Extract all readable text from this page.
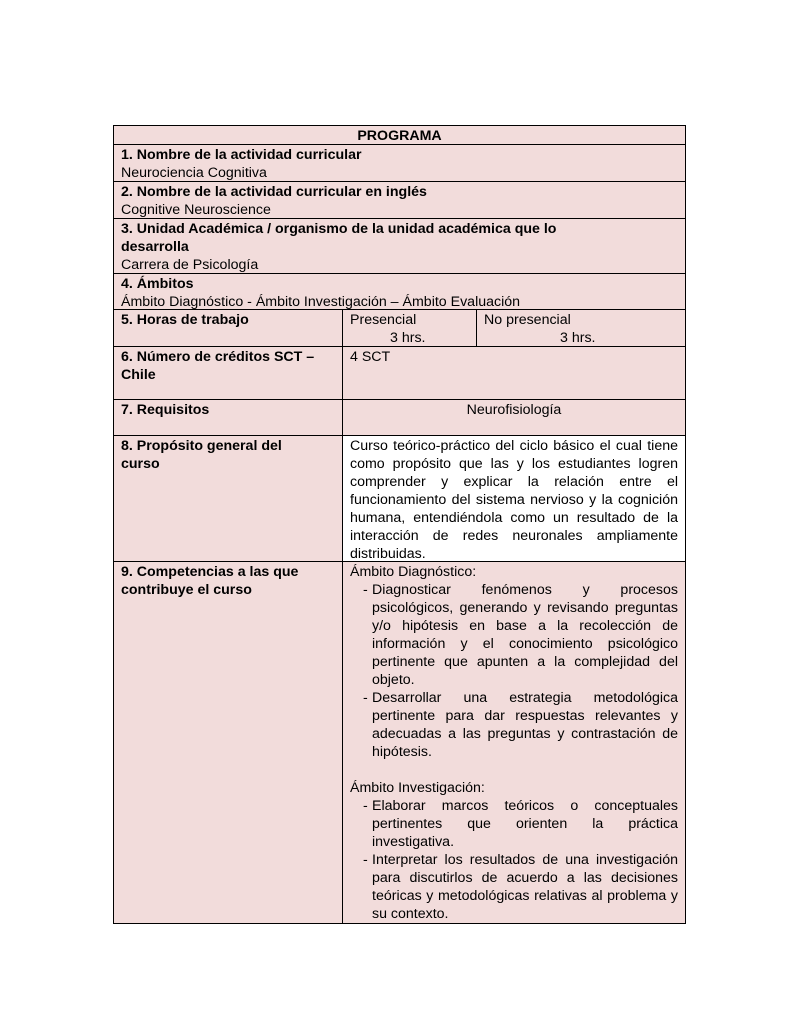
PROGRAMA
1. Nombre de la actividad curricular
Neurociencia Cognitiva
2. Nombre de la actividad curricular en inglés
Cognitive Neuroscience
3. Unidad Académica / organismo de la unidad académica que lo
desarrolla
Carrera de Psicología
4. Ámbitos
Ámbito Diagnóstico - Ámbito Investigación – Ámbito Evaluación
5. Horas de trabajo	Presencial
3 hrs.
No presencial
3 hrs.
6. Número de créditos SCT –
Chile
4 SCT
7. Requisitos	Neurofisiología
8. Propósito general del
curso
Curso teórico-práctico del ciclo básico el cual tiene como propósito que las y los estudiantes logren comprender y explicar la relación entre el funcionamiento del sistema nervioso y la cognición humana, entendiéndola como un resultado de la interacción de redes neuronales ampliamente distribuidas.
9. Competencias a las que
contribuye el curso
Ámbito Diagnóstico:
- Diagnosticar fenómenos y procesos psicológicos, generando y revisando preguntas y/o hipótesis en base a la recolección de información y el conocimiento psicológico pertinente que apunten a la complejidad del objeto.
- Desarrollar una estrategia metodológica pertinente para dar respuestas relevantes y adecuadas a las preguntas y contrastación de hipótesis.
Ámbito Investigación:
- Elaborar marcos teóricos o conceptuales pertinentes que orienten la práctica investigativa.
- Interpretar los resultados de una investigación para discutirlos de acuerdo a las decisiones teóricas y metodológicas relativas al problema y su contexto.
